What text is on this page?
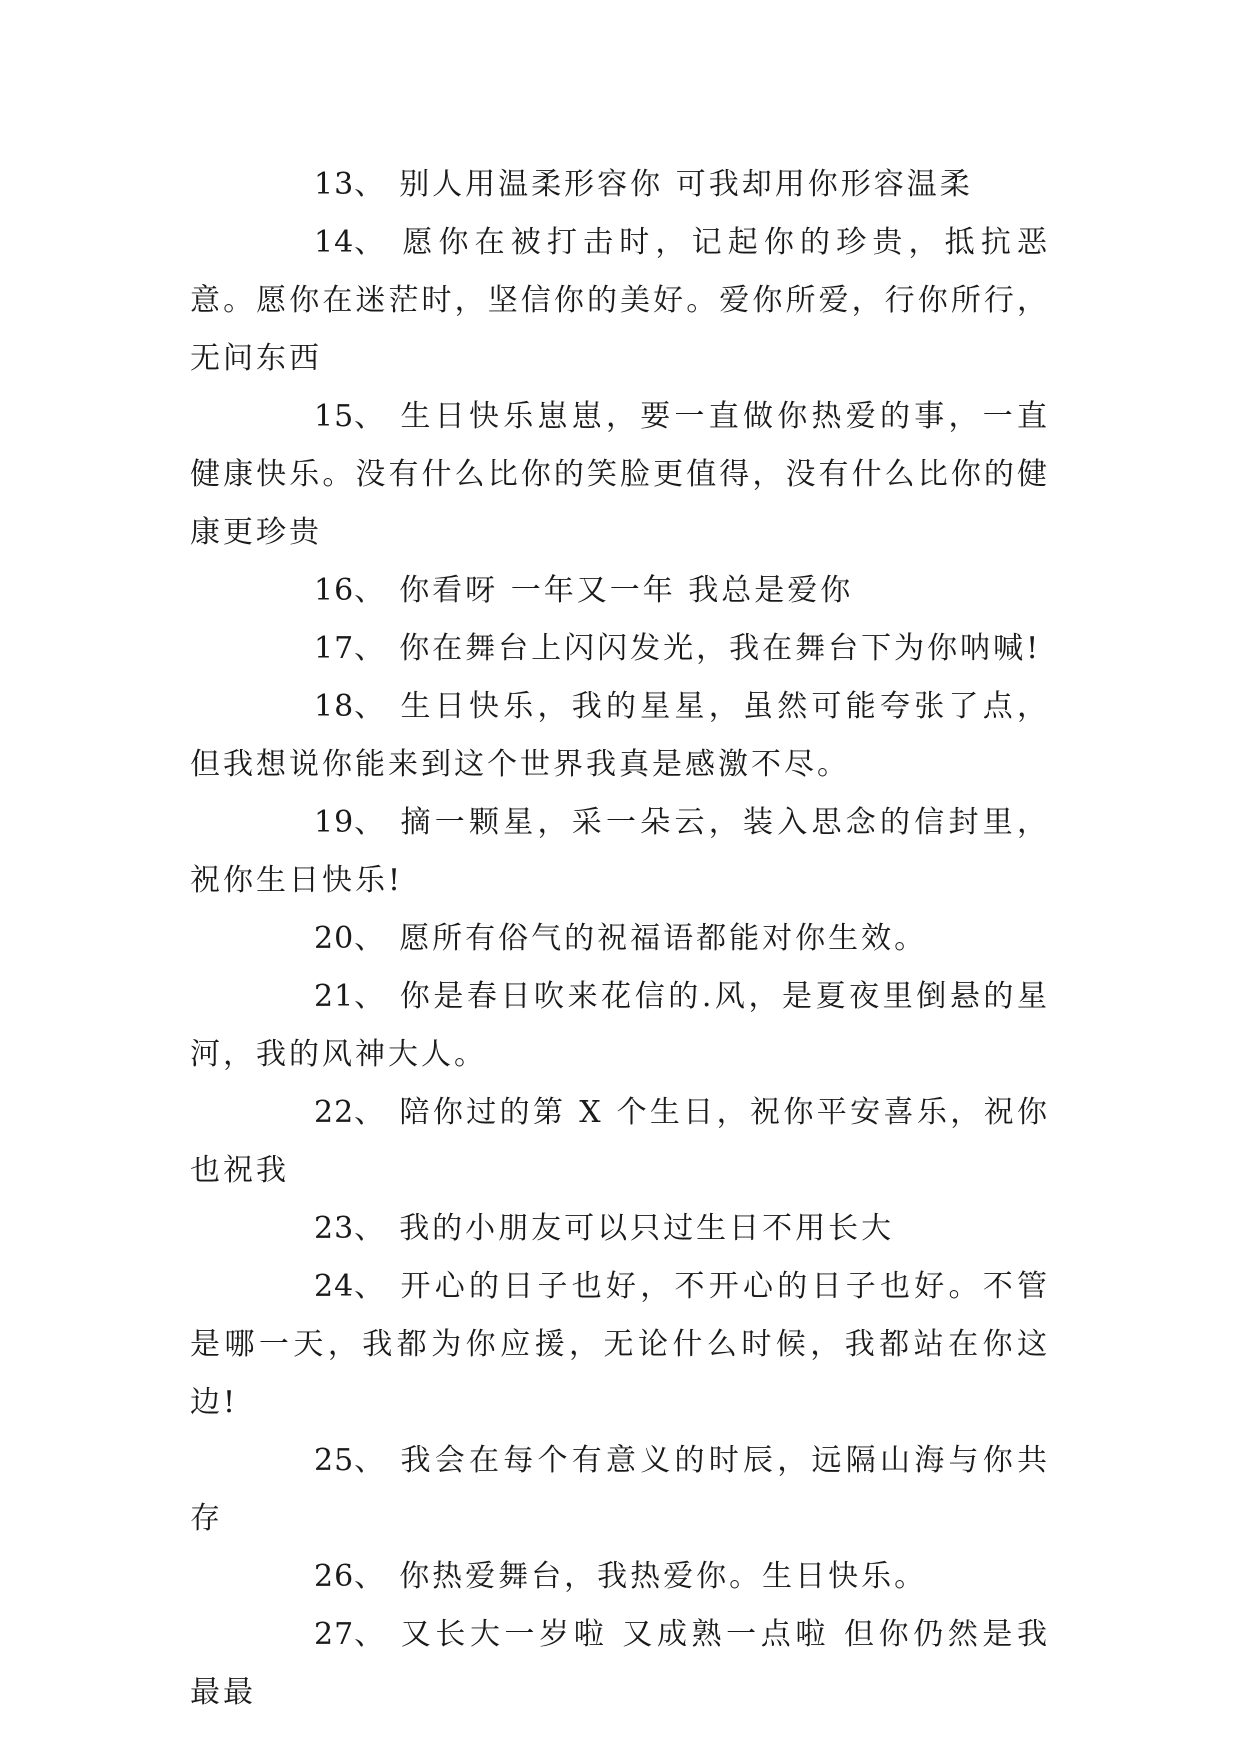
13、 别人用温柔形容你 可我却用你形容温柔

14、 愿你在被打击时，记起你的珍贵，抵抗恶意。愿你在迷茫时，坚信你的美好。爱你所爱，行你所行，无问东西

15、 生日快乐崽崽，要一直做你热爱的事，一直健康快乐。没有什么比你的笑脸更值得，没有什么比你的健康更珍贵

16、 你看呀 一年又一年 我总是爱你

17、 你在舞台上闪闪发光，我在舞台下为你呐喊!

18、 生日快乐，我的星星，虽然可能夸张了点，但我想说你能来到这个世界我真是感激不尽。

19、 摘一颗星，采一朵云，装入思念的信封里，祝你生日快乐!

20、 愿所有俗气的祝福语都能对你生效。

21、 你是春日吹来花信的.风，是夏夜里倒悬的星河，我的风神大人。

22、 陪你过的第 X 个生日，祝你平安喜乐，祝你也祝我

23、 我的小朋友可以只过生日不用长大

24、 开心的日子也好，不开心的日子也好。不管是哪一天，我都为你应援，无论什么时候，我都站在你这边!

25、 我会在每个有意义的时辰，远隔山海与你共存

26、 你热爱舞台，我热爱你。生日快乐。

27、 又长大一岁啦 又成熟一点啦 但你仍然是我最最
